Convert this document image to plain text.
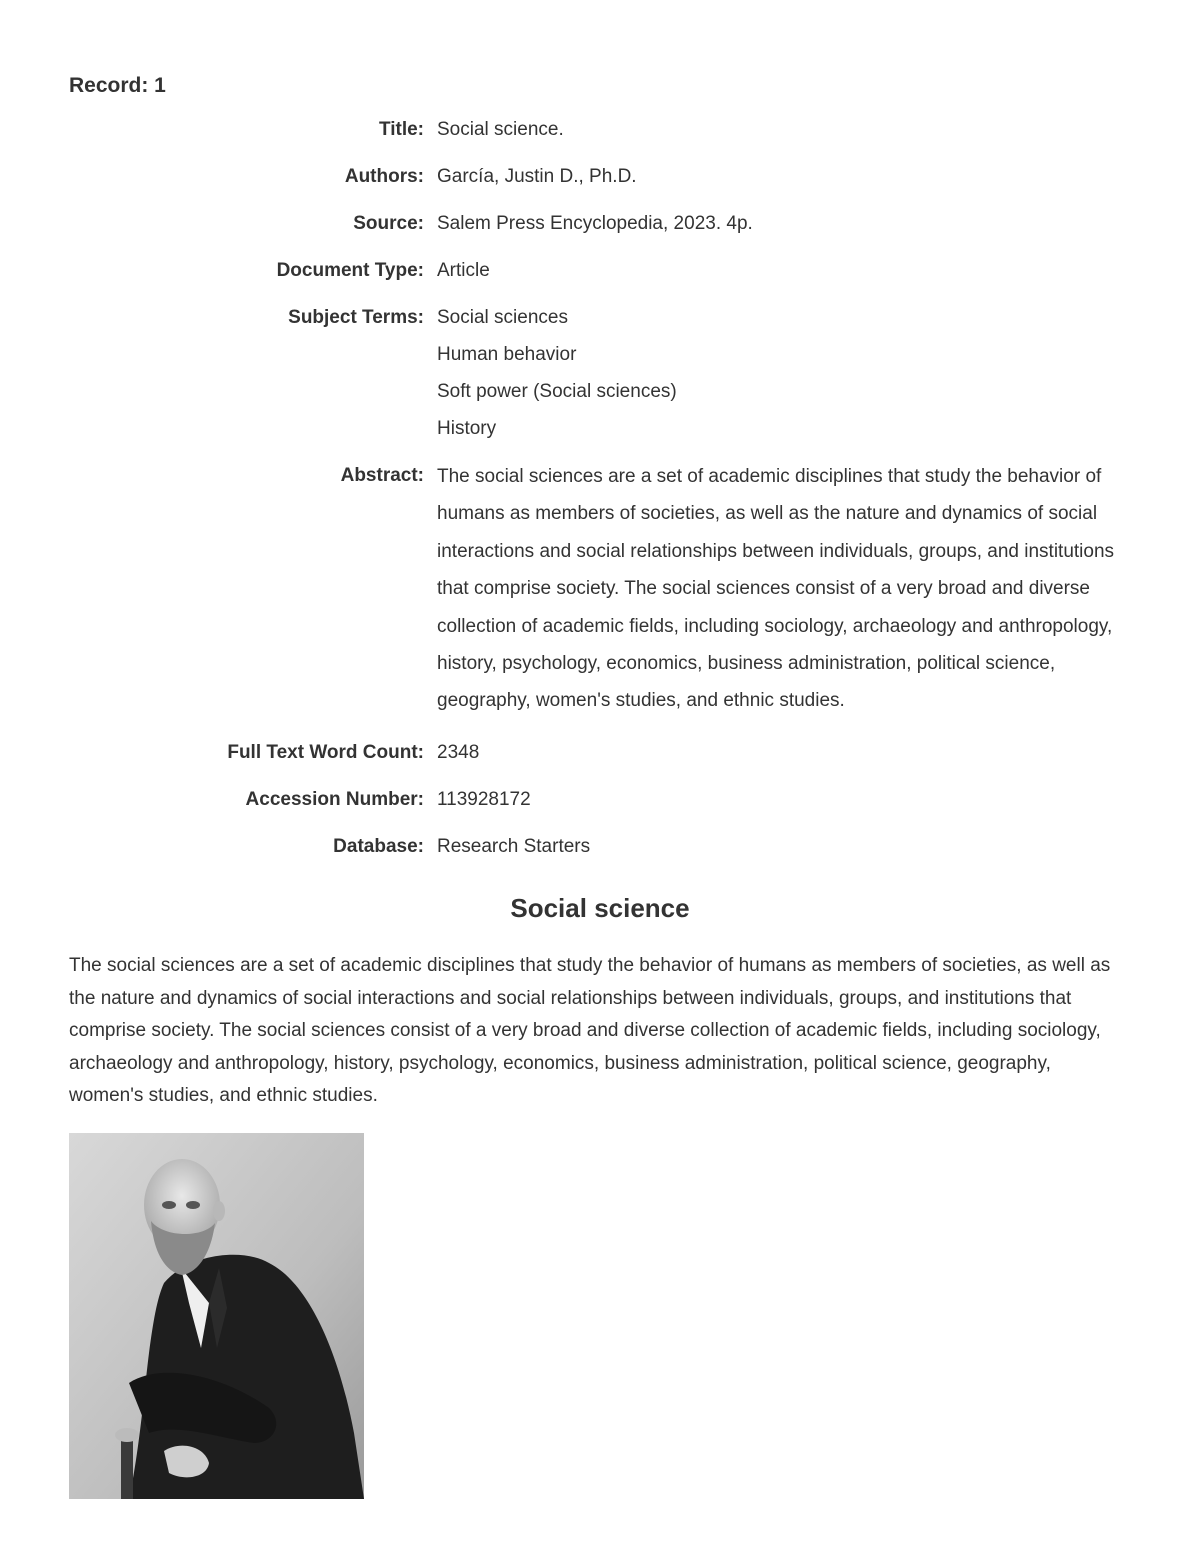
Record: 1
Title: Social science.
Authors: García, Justin D., Ph.D.
Source: Salem Press Encyclopedia, 2023. 4p.
Document Type: Article
Subject Terms: Social sciences
Human behavior
Soft power (Social sciences)
History
Abstract: The social sciences are a set of academic disciplines that study the behavior of humans as members of societies, as well as the nature and dynamics of social interactions and social relationships between individuals, groups, and institutions that comprise society. The social sciences consist of a very broad and diverse collection of academic fields, including sociology, archaeology and anthropology, history, psychology, economics, business administration, political science, geography, women's studies, and ethnic studies.
Full Text Word Count: 2348
Accession Number: 113928172
Database: Research Starters
Social science

The social sciences are a set of academic disciplines that study the behavior of humans as members of societies, as well as the nature and dynamics of social interactions and social relationships between individuals, groups, and institutions that comprise society. The social sciences consist of a very broad and diverse collection of academic fields, including sociology, archaeology and anthropology, history, psychology, economics, business administration, political science, geography, women's studies, and ethnic studies.
